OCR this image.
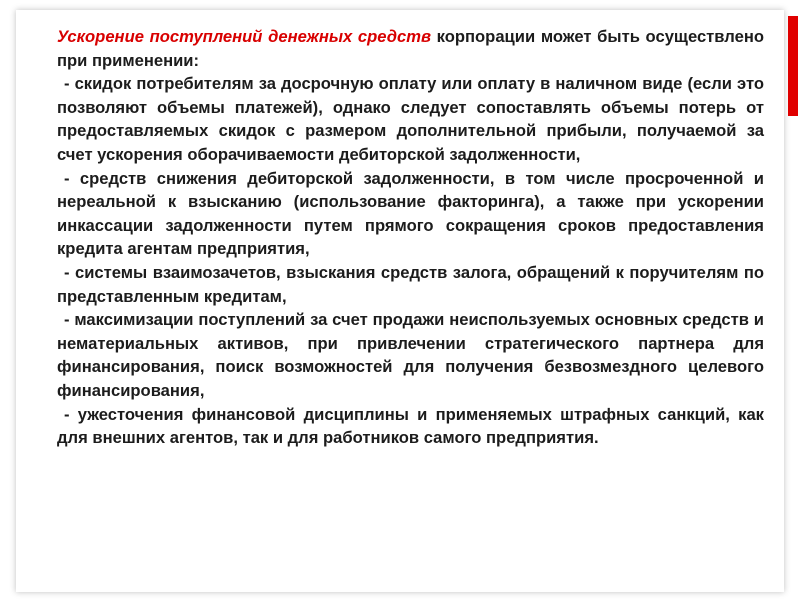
Ускорение поступлений денежных средств корпорации может быть осуществлено при применении:

- скидок потребителям за досрочную оплату или оплату в наличном виде (если это позволяют объемы платежей), однако следует сопоставлять объемы потерь от предоставляемых скидок с размером дополнительной прибыли, получаемой за счет ускорения оборачиваемости дебиторской задолженности,

- средств снижения дебиторской задолженности, в том числе просроченной и нереальной к взысканию (использование факторинга), а также при ускорении инкассации задолженности путем прямого сокращения сроков предоставления кредита агентам предприятия,

- системы взаимозачетов, взыскания средств залога, обращений к поручителям по представленным кредитам,

- максимизации поступлений за счет продажи неиспользуемых основных средств и нематериальных активов, при привлечении стратегического партнера для финансирования, поиск возможностей для получения безвозмездного целевого финансирования,

- ужесточения финансовой дисциплины и применяемых штрафных санкций, как для внешних агентов, так и для работников самого предприятия.
